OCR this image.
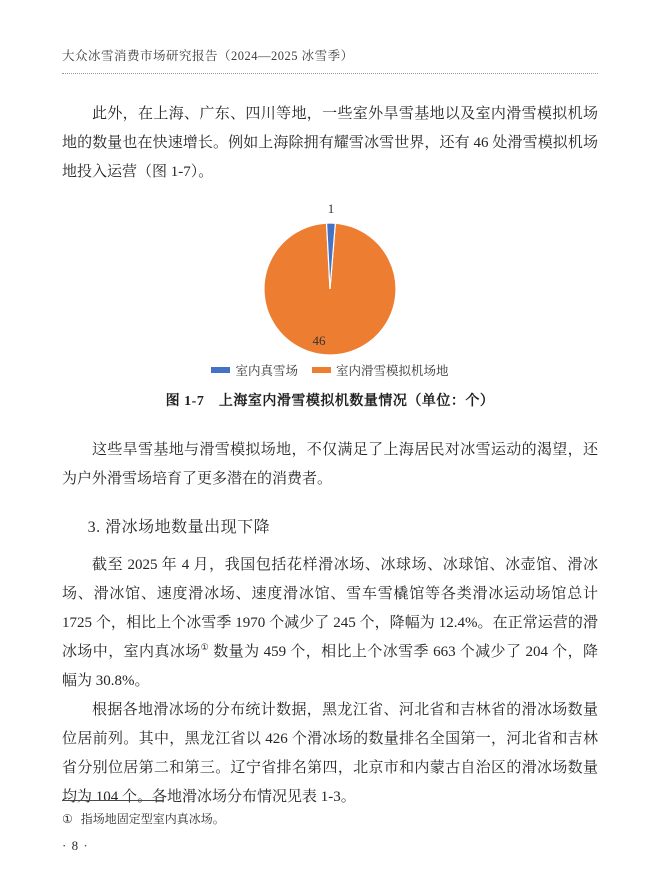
大众冰雪消费市场研究报告（2024—2025 冰雪季）

此外，在上海、广东、四川等地，一些室外旱雪基地以及室内滑雪模拟机场地的数量也在快速增长。例如上海除拥有耀雪冰雪世界，还有 46 处滑雪模拟机场地投入运营（图 1-7）。

1
46
室内真雪场	室内滑雪模拟机场地
图 1-7　上海室内滑雪模拟机数量情况（单位：个）

这些旱雪基地与滑雪模拟场地，不仅满足了上海居民对冰雪运动的渴望，还为户外滑雪场培育了更多潜在的消费者。

3. 滑冰场地数量出现下降

截至 2025 年 4 月，我国包括花样滑冰场、冰球场、冰球馆、冰壶馆、滑冰场、滑冰馆、速度滑冰场、速度滑冰馆、雪车雪橇馆等各类滑冰运动场馆总计 1725 个，相比上个冰雪季 1970 个减少了 245 个，降幅为 12.4%。在正常运营的滑冰场中，室内真冰场① 数量为 459 个，相比上个冰雪季 663 个减少了 204 个，降幅为 30.8%。

根据各地滑冰场的分布统计数据，黑龙江省、河北省和吉林省的滑冰场数量位居前列。其中，黑龙江省以 426 个滑冰场的数量排名全国第一，河北省和吉林省分别位居第二和第三。辽宁省排名第四，北京市和内蒙古自治区的滑冰场数量均为 104 个。各地滑冰场分布情况见表 1-3。

① 指场地固定型室内真冰场。
· 8 ·
